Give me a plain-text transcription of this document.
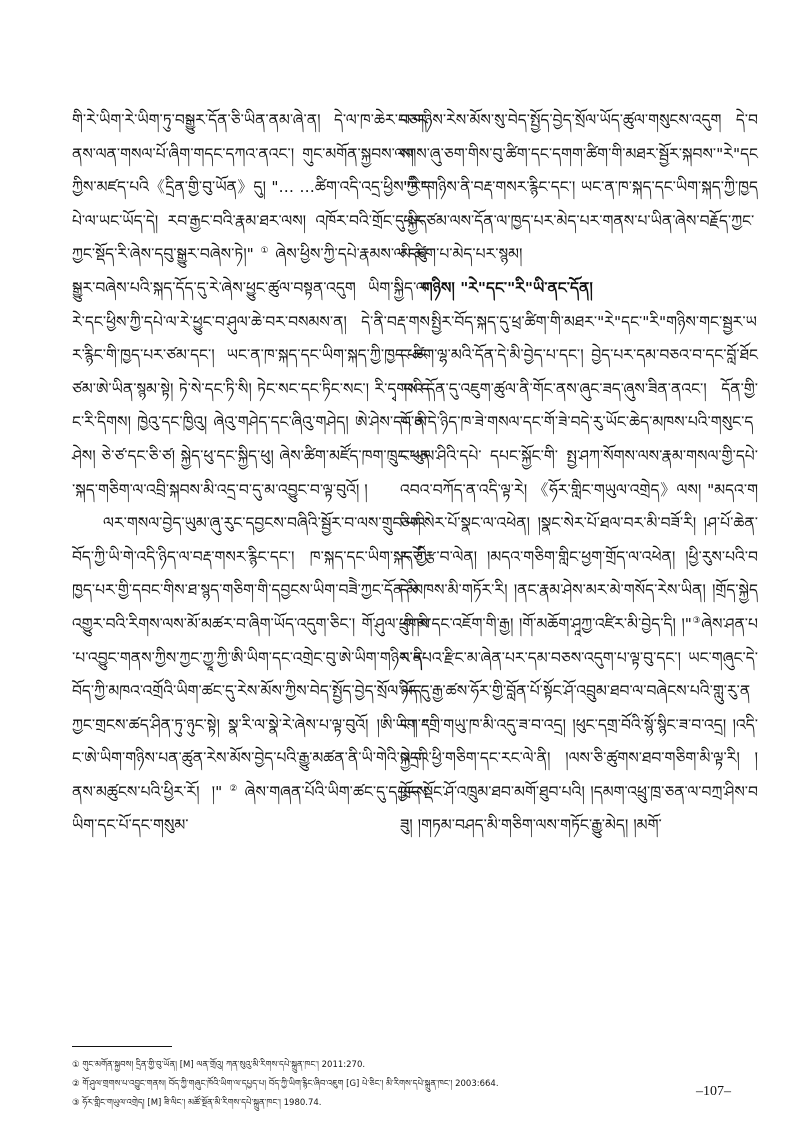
གི་རེ་ཡིག་རེ་ཡིག་ཏུ་བསྒྱུར་དོན་ཅི་ཡིན་ནམ་ཞེ་ན། དེ་ལ་ཁ་ཆེར་བཅད་ནས་ལན་གསལ་པོ་ཞིག་གདང་དཀའ་ནའང་། གུང་མགོན་སྐྱབས་ལགས་ཀྱིས་མཛད་པའི《དྲིན་གྱི་བུ་ཡོན》དུ། "… …ཚིག་འདི་འདྲ་ཕྱིས་ཀྱི་དཔེ་ལ་ཡང་ཡོད་དེ། རབ་རྒྱང་བའི་རྣམ་ཐར་ལས། འཁོར་བའི་གྲོང་དུ་སྐྱིད་ཀྱང་སྡོད་རི་ཞེས་དབུ་སྒྱུར་བཞེས་ཏེ།"①ཞེས་ཕྱིས་ཀྱི་དཔེ་རྣམས་ལ་དབུ་སྒྱུར་བཞེས་པའི་སྐད་དོད་དུ་རེ་ཞེས་ཕྱུང་ཚུལ་བསྟན་འདུག ཡིག་སྐྱིད་ལ་རེ་དང་ཕྱིས་ཀྱི་དཔེ་ལ་རེ་ཕྱུང་བ་ཤུལ་ཆེ་བར་བསམས་ན། དེ་ནི་བརྡ་གསར་རྙིང་གི་ཁྱད་པར་ཙམ་དང་། ཡང་ན་ཁ་སྐད་དང་ཡིག་སྐད་ཀྱི་ཁྱད་པར་ཙམ་ཨེ་ཡིན་སྙམ་སྟེ། ཏེ་སེ་དང་ཏི་སི། ཏེང་སང་དང་ཏིང་སང་། རི་དྭགས་དང་རི་དིགས། ཁྱེའུ་དང་ཁྱིའུ། ཞེའུ་གཤེད་དང་ཞིའུ་གཤེད། ཨེ་ཤེས་དང་ཨི་ཤེས། ཅེ་ཙ་དང་ཅི་ཙ། སྐྱེད་ཕུ་དང་སྐྱིད་ཕུ། ཞེས་ཚིག་མཛོད་ཁག་ཁྲུང་ཕན་སྐད་གཅིག་ལ་འབྲི་སྐབས་མི་འདྲ་བ་དུ་མ་འབྱུང་བ་ལྟ་བུའོ། །

ལར་གསལ་བྱེད་ཡུམ་ཞུ་རུང་དབྱངས་བཞིའི་སྦྱོར་བ་ལས་གྲུབ་པའི་བོད་ཀྱི་ཡི་གེ་འདི་ཉིད་ལ་བརྡ་གསར་རྙིང་དང་། ཁ་སྐད་དང་ཡིག་སྐད་ཀྱི་ཁྱད་པར་གྱི་དབང་གིས་ཐ་སྙད་གཅིག་གི་དབྱངས་ཡིག་བཟེེ་ཀྱང་དོན་མི་འགྱུར་བའི་རིགས་ལས་མོ་མཚར་བ་ཞིག་ཡོད་འདུག་ཅིང་། གོ་ཤུལ་ཕྲུགས་པ་འབྱུང་གནས་ཀྱིས་ཀྱང་ཀྱཱ་ཀྱི་ཨི་ཡིག་དང་འགྲེང་བུ་ཨེ་ཡིག་གཉིས་ནི་བོད་ཀྱི་མཁའ་འགྲོའི་ཡིག་ཚང་དུ་རེས་མོས་ཀྱིས་བེད་སྤྱོད་བྱེད་སྲོལ་ཡོད་ཀྱང་གྲངས་ཚད་ཤིན་ཏུ་ཉུང་སྟེ། སྣ་རི་ལ་སྣེ་རེ་ཞེས་པ་ལྟ་བུའོ། །ཨི་ཡིག་དང་ཨེ་ཡིག་གཉིས་པན་ཚུན་རེས་མོས་བྱེད་པའི་རྒྱུ་མཚན་ནི་ཡི་གེའི་སྐྱེ་གནས་མཚུངས་པའི་ཕྱིར་རོ། །"②ཞེས་གཞན་པོའི་ཡིག་ཚང་དུ་དབྱངས་ཡིག་དང་པོ་དང་གསུམ་

པ་གཉིས་རེས་མོས་སུ་བེད་སྤྱོད་བྱེད་སྲོལ་ཡོད་ཚུལ་གསུངས་འདུག དེ་བས། ཞུ་ཅག་གིས་བུ་ཚིག་དང་དགག་ཚིག་གི་མཐར་སྦྱོར་སྐབས་"རེ"དང་"རི"གཉིས་ནི་བརྡ་གསར་རྙིང་དང་། ཡང་ན་ཁ་སྐད་དང་ཡིག་སྐད་ཀྱི་ཁྱད་པར་ཙམ་ལས་དོན་ལ་ཁྱད་པར་མེད་པར་གནས་པ་ཡིན་ཞེས་བརྗོད་ཀྱང་མི་ཚིག་པ་མེད་པར་སྙམ།

གཉིས། "རེ"དང་"རི"ཡི་ནང་དོན།

སྤྱིར་བོད་སྐད་དུ་ཕྲ་ཚིག་གི་མཐར་"རེ"དང་"རི"གཉིས་གང་སྦྱར་ཡང་ཚིག་ལྷ་མའི་དོན་དེ་མི་བྱེད་པ་དང་། བྱེད་པར་དམ་བཅའ་བ་དང་བློ་ཐོང་བའི་དོན་དུ་འཇུག་ཚུལ་ནི་གོང་ནས་ཞུང་ཟད་ཞུས་ཟིན་ནའང་། དོན་གྱི་གོ་ན་དེ་ཉིད་ཁ་ཟེ་གསལ་དང་གོ་ཟེ་བདེ་རུ་ཡོང་ཆེད་མཁས་པའི་གསུང་དང་ཡུལ་ཤིའི་དཔེ་ དཔང་སྐྱོང་གི་ སྤྱ་ཤཀ་སོགས་ལས་རྣམ་གསལ་གྱི་དཔེ་འབའ་བཀོད་ན་འདི་ལྟ་རེ། 《ཧོར་གླིང་གཡུལ་འགྲེད》ལས། "མདའ་གཅིག་སེར་པོ་སྣང་ལ་འཕེན། །སྣང་སེར་པོ་ཐལ་བར་མི་བཟོ་རི། །ཤ་པོ་ཆེན་ར་ཅོ་རྩ་བ་ལེན། །མདའ་གཅིག་གླིང་ཕྱག་གྲོད་ལ་འཕེན། །ཕྱི་རུས་པའི་བདེ་མཁས་མི་གཏོར་རི། །ནང་རྣམ་ཤེས་མར་མེ་གསོད་རེས་ཡིན། །གྲོད་སྐྱེད་གི་མི་དང་འཇོག་གི་རྒྱ། །གོ་མཆོག་ཤཱཀྱ་འཛིར་མི་བྱེད་དི། །"③ཞེས་ཤན་པར་དཔའ་རྫིང་མ་ཞེན་པར་དམ་བཅས་འདུག་པ་ལྟ་བུ་དང་། ཡང་གཞུང་དེ་ཉིད་དུ་རྒྱ་ཚས་ཧོར་གྱི་བློན་པོ་སྟོང་ཤོ་འབྲུམ་ཐབ་ལ་བཞེངས་པའི་གླུ་རུ་ནང་། "གྲི་གཡུ་ཁ་མི་འདུ་ཟ་བ་འདྲ། །ཕུང་དགྲ་བོའི་སྙོ་སྙིང་ཟ་བ་འདྲ། །འདི་འདྲའི་ཕྱི་གཅིག་དང་རང་ལེ་ནི། །ལས་ཅི་ཚུགས་ཐབ་གཅིག་མི་ལྟ་རི། །ཁྲོད་སྡོང་ཤོ་འཁྲུམ་ཐབ་མགོ་ཐུབ་པའི། །དམག་འཕྲུ་ཁྲ་ཅན་ལ་བཀྲ་ཤིས་བཟུ། །གཏམ་བཤད་མི་གཅིག་ལས་གཏོང་རྒྱུ་མེད། །མགོ་

① གུང་མགོན་སྐྱབས། དྲིན་གྱི་བུ་ཡོན། [M] ལན་གྲོའུ། ཀན་སུའུ་མི་རིགས་དཔེ་སྐྲུན་ཁང་། 2011:270.
② གོ་ཤུལ་གྲགས་པ་འབྱུང་གནས། བོད་ཀྱི་གཞུང་ཁོའི་ཡིག་ལ་དཔྱད་པ། བོད་ཀྱི་ཡིག་རྙིང་ཞིབ་འཇུག [G] པེ་ཅིང་། མི་རིགས་དཔེ་སྐྲུན་ཁང་། 2003:664.
③ ཧོར་གླིང་གཡུལ་འགྲེད། [M] ཟི་ལིང་། མཚོ་སྔོན་མི་རིགས་དཔེ་སྐྲུན་ཁང་། 1980.74.
–107–
